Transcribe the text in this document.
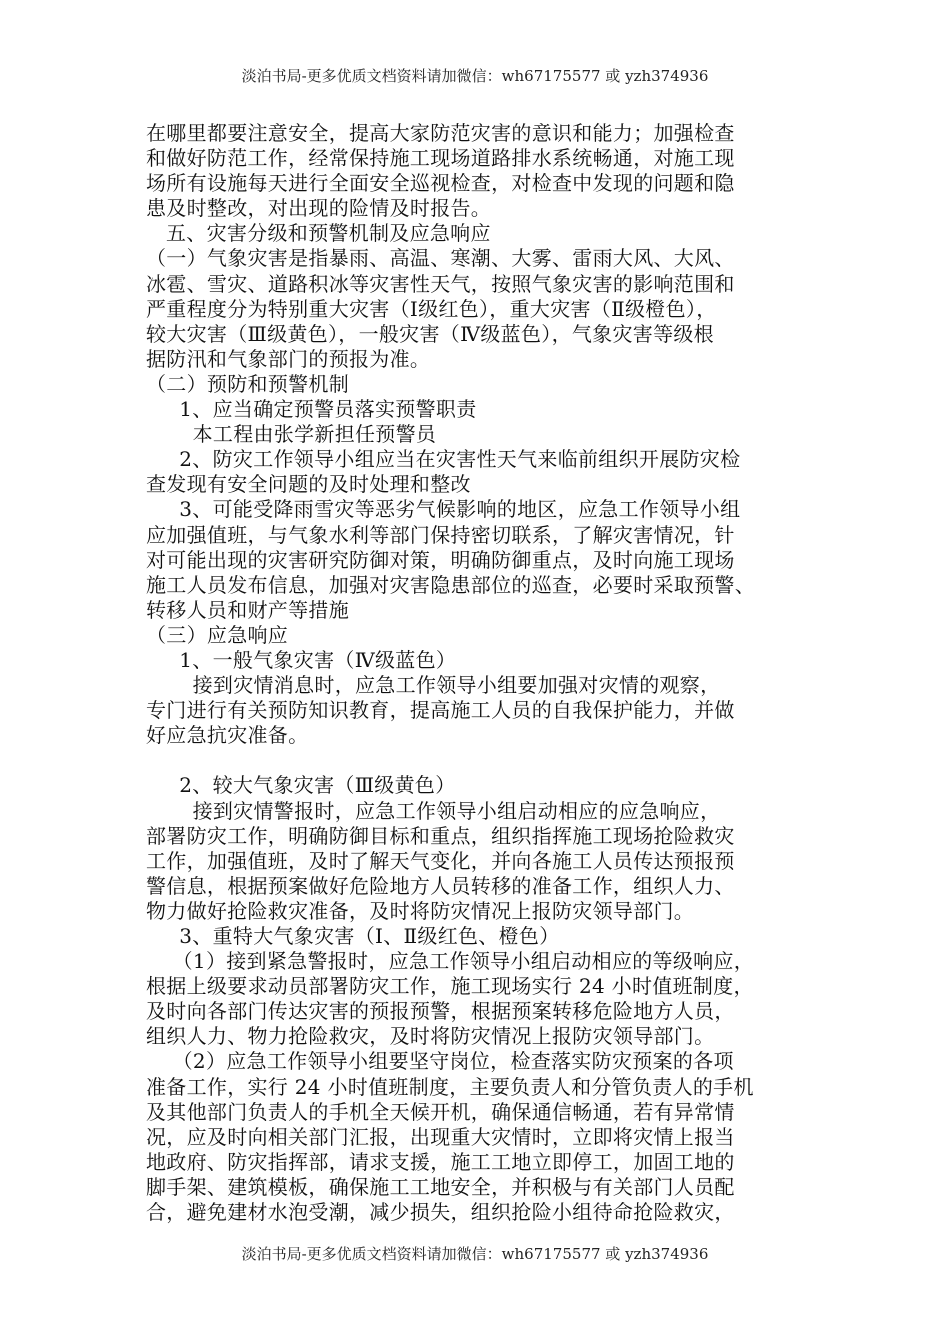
淡泊书局-更多优质文档资料请加微信：wh67175577 或 yzh374936
在哪里都要注意安全，提高大家防范灾害的意识和能力；加强检查
和做好防范工作，经常保持施工现场道路排水系统畅通，对施工现
场所有设施每天进行全面安全巡视检查，对检查中发现的问题和隐
患及时整改，对出现的险情及时报告。
五、灾害分级和预警机制及应急响应
（一）气象灾害是指暴雨、高温、寒潮、大雾、雷雨大风、大风、
冰雹、雪灾、道路积冰等灾害性天气，按照气象灾害的影响范围和
严重程度分为特别重大灾害（Ⅰ级红色），重大灾害（Ⅱ级橙色），
较大灾害（Ⅲ级黄色），一般灾害（Ⅳ级蓝色），气象灾害等级根
据防汛和气象部门的预报为准。
（二）预防和预警机制
1、应当确定预警员落实预警职责
本工程由张学新担任预警员
2、防灾工作领导小组应当在灾害性天气来临前组织开展防灾检
查发现有安全问题的及时处理和整改
3、可能受降雨雪灾等恶劣气候影响的地区，应急工作领导小组
应加强值班，与气象水利等部门保持密切联系，了解灾害情况，针
对可能出现的灾害研究防御对策，明确防御重点，及时向施工现场
施工人员发布信息，加强对灾害隐患部位的巡查，必要时采取预警、
转移人员和财产等措施
（三）应急响应
1、一般气象灾害（Ⅳ级蓝色）
接到灾情消息时，应急工作领导小组要加强对灾情的观察，
专门进行有关预防知识教育，提高施工人员的自我保护能力，并做
好应急抗灾准备。
2、较大气象灾害（Ⅲ级黄色）
接到灾情警报时，应急工作领导小组启动相应的应急响应，
部署防灾工作，明确防御目标和重点，组织指挥施工现场抢险救灾
工作，加强值班，及时了解天气变化，并向各施工人员传达预报预
警信息，根据预案做好危险地方人员转移的准备工作，组织人力、
物力做好抢险救灾准备，及时将防灾情况上报防灾领导部门。
3、重特大气象灾害（Ⅰ、Ⅱ级红色、橙色）
（1）接到紧急警报时，应急工作领导小组启动相应的等级响应，
根据上级要求动员部署防灾工作，施工现场实行 24 小时值班制度，
及时向各部门传达灾害的预报预警，根据预案转移危险地方人员，
组织人力、物力抢险救灾，及时将防灾情况上报防灾领导部门。
（2）应急工作领导小组要坚守岗位，检查落实防灾预案的各项
准备工作，实行 24 小时值班制度，主要负责人和分管负责人的手机
及其他部门负责人的手机全天候开机，确保通信畅通，若有异常情
况，应及时向相关部门汇报，出现重大灾情时，立即将灾情上报当
地政府、防灾指挥部，请求支援，施工工地立即停工，加固工地的
脚手架、建筑模板，确保施工工地安全，并积极与有关部门人员配
合，避免建材水泡受潮，减少损失，组织抢险小组待命抢险救灾，
淡泊书局-更多优质文档资料请加微信：wh67175577 或 yzh374936
